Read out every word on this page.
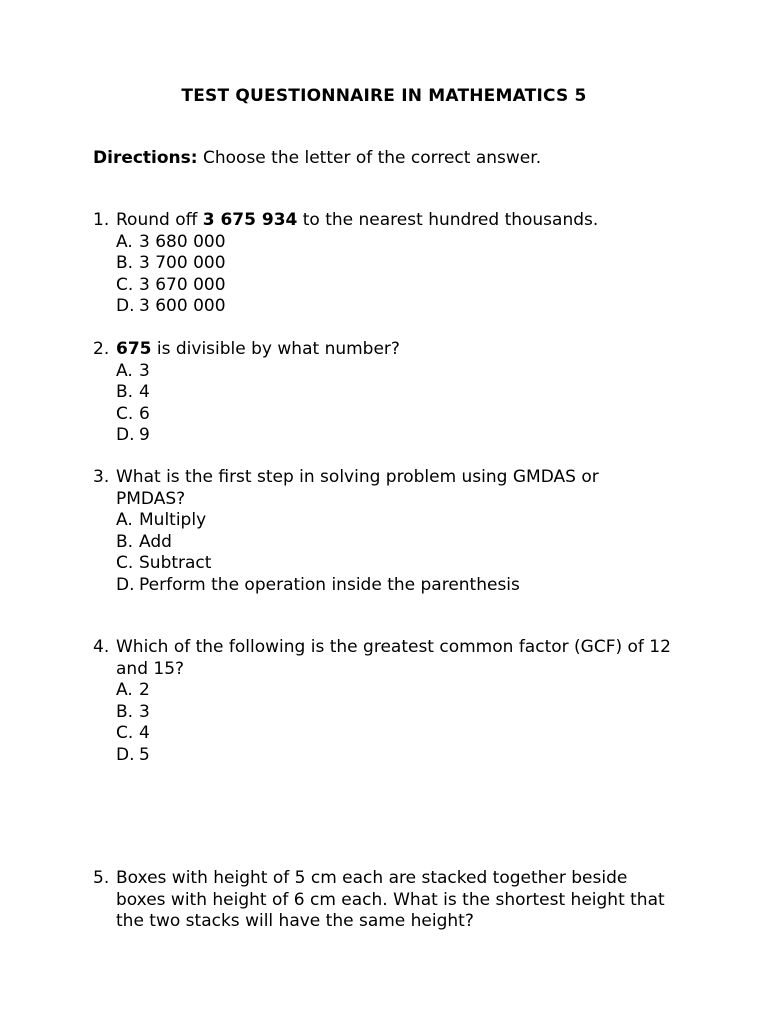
TEST QUESTIONNAIRE IN MATHEMATICS 5
Directions: Choose the letter of the correct answer.
1. Round off 3 675 934 to the nearest hundred thousands.
A. 3 680 000
B. 3 700 000
C. 3 670 000
D. 3 600 000
2. 675 is divisible by what number?
A. 3
B. 4
C. 6
D. 9
3. What is the first step in solving problem using GMDAS or PMDAS?
A. Multiply
B. Add
C. Subtract
D. Perform the operation inside the parenthesis
4. Which of the following is the greatest common factor (GCF) of 12 and 15?
A. 2
B. 3
C. 4
D. 5
5. Boxes with height of 5 cm each are stacked together beside boxes with height of 6 cm each. What is the shortest height that the two stacks will have the same height?
